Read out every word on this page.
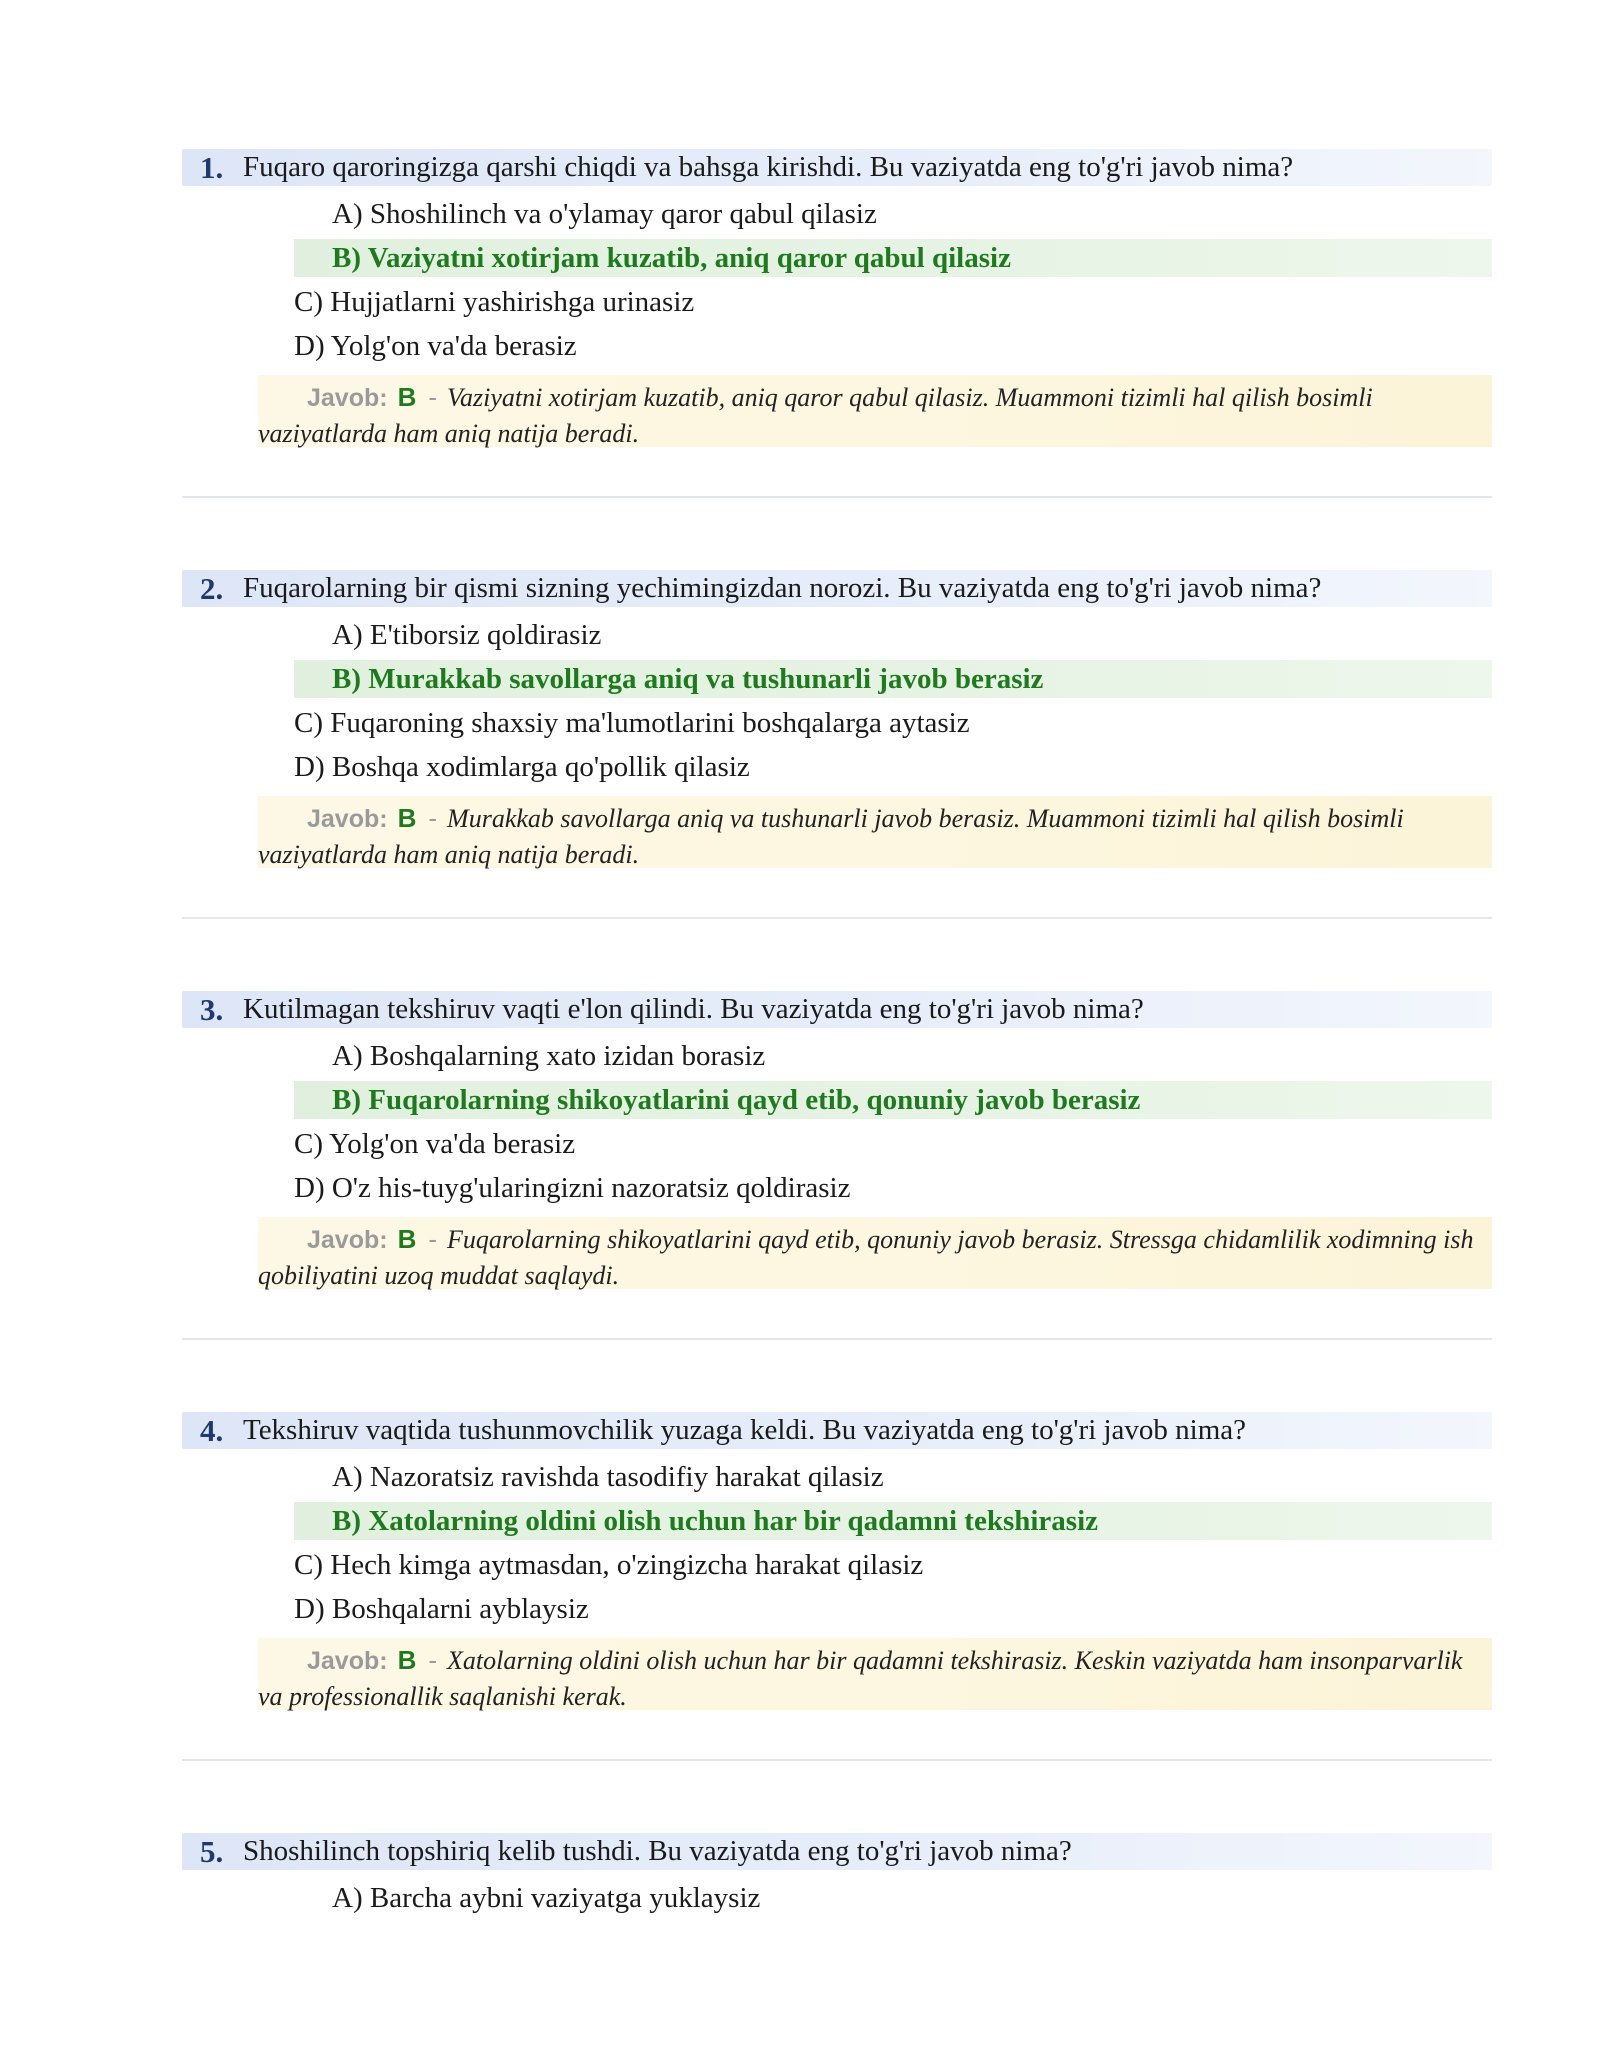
1. Fuqaro qaroringizga qarshi chiqdi va bahsga kirishdi. Bu vaziyatda eng to'g'ri javob nima?
A) Shoshilinch va o'ylamay qaror qabul qilasiz
B) Vaziyatni xotirjam kuzatib, aniq qaror qabul qilasiz
C) Hujjatlarni yashirishga urinasiz
D) Yolg'on va'da berasiz
Javob: B - Vaziyatni xotirjam kuzatib, aniq qaror qabul qilasiz. Muammoni tizimli hal qilish bosimli vaziyatlarda ham aniq natija beradi.
2. Fuqarolarning bir qismi sizning yechimingizdan norozi. Bu vaziyatda eng to'g'ri javob nima?
A) E'tiborsiz qoldirasiz
B) Murakkab savollarga aniq va tushunarli javob berasiz
C) Fuqaroning shaxsiy ma'lumotlarini boshqalarga aytasiz
D) Boshqa xodimlarga qo'pollik qilasiz
Javob: B - Murakkab savollarga aniq va tushunarli javob berasiz. Muammoni tizimli hal qilish bosimli vaziyatlarda ham aniq natija beradi.
3. Kutilmagan tekshiruv vaqti e'lon qilindi. Bu vaziyatda eng to'g'ri javob nima?
A) Boshqalarning xato izidan borasiz
B) Fuqarolarning shikoyatlarini qayd etib, qonuniy javob berasiz
C) Yolg'on va'da berasiz
D) O'z his-tuyg'ularingizni nazoratsiz qoldirasiz
Javob: B - Fuqarolarning shikoyatlarini qayd etib, qonuniy javob berasiz. Stressga chidamlilik xodimning ish qobiliyatini uzoq muddat saqlaydi.
4. Tekshiruv vaqtida tushunmovchilik yuzaga keldi. Bu vaziyatda eng to'g'ri javob nima?
A) Nazoratsiz ravishda tasodifiy harakat qilasiz
B) Xatolarning oldini olish uchun har bir qadamni tekshirasiz
C) Hech kimga aytmasdan, o'zingizcha harakat qilasiz
D) Boshqalarni ayblaysiz
Javob: B - Xatolarning oldini olish uchun har bir qadamni tekshirasiz. Keskin vaziyatda ham insonparvarlik va professionallik saqlanishi kerak.
5. Shoshilinch topshiriq kelib tushdi. Bu vaziyatda eng to'g'ri javob nima?
A) Barcha aybni vaziyatga yuklaysiz
